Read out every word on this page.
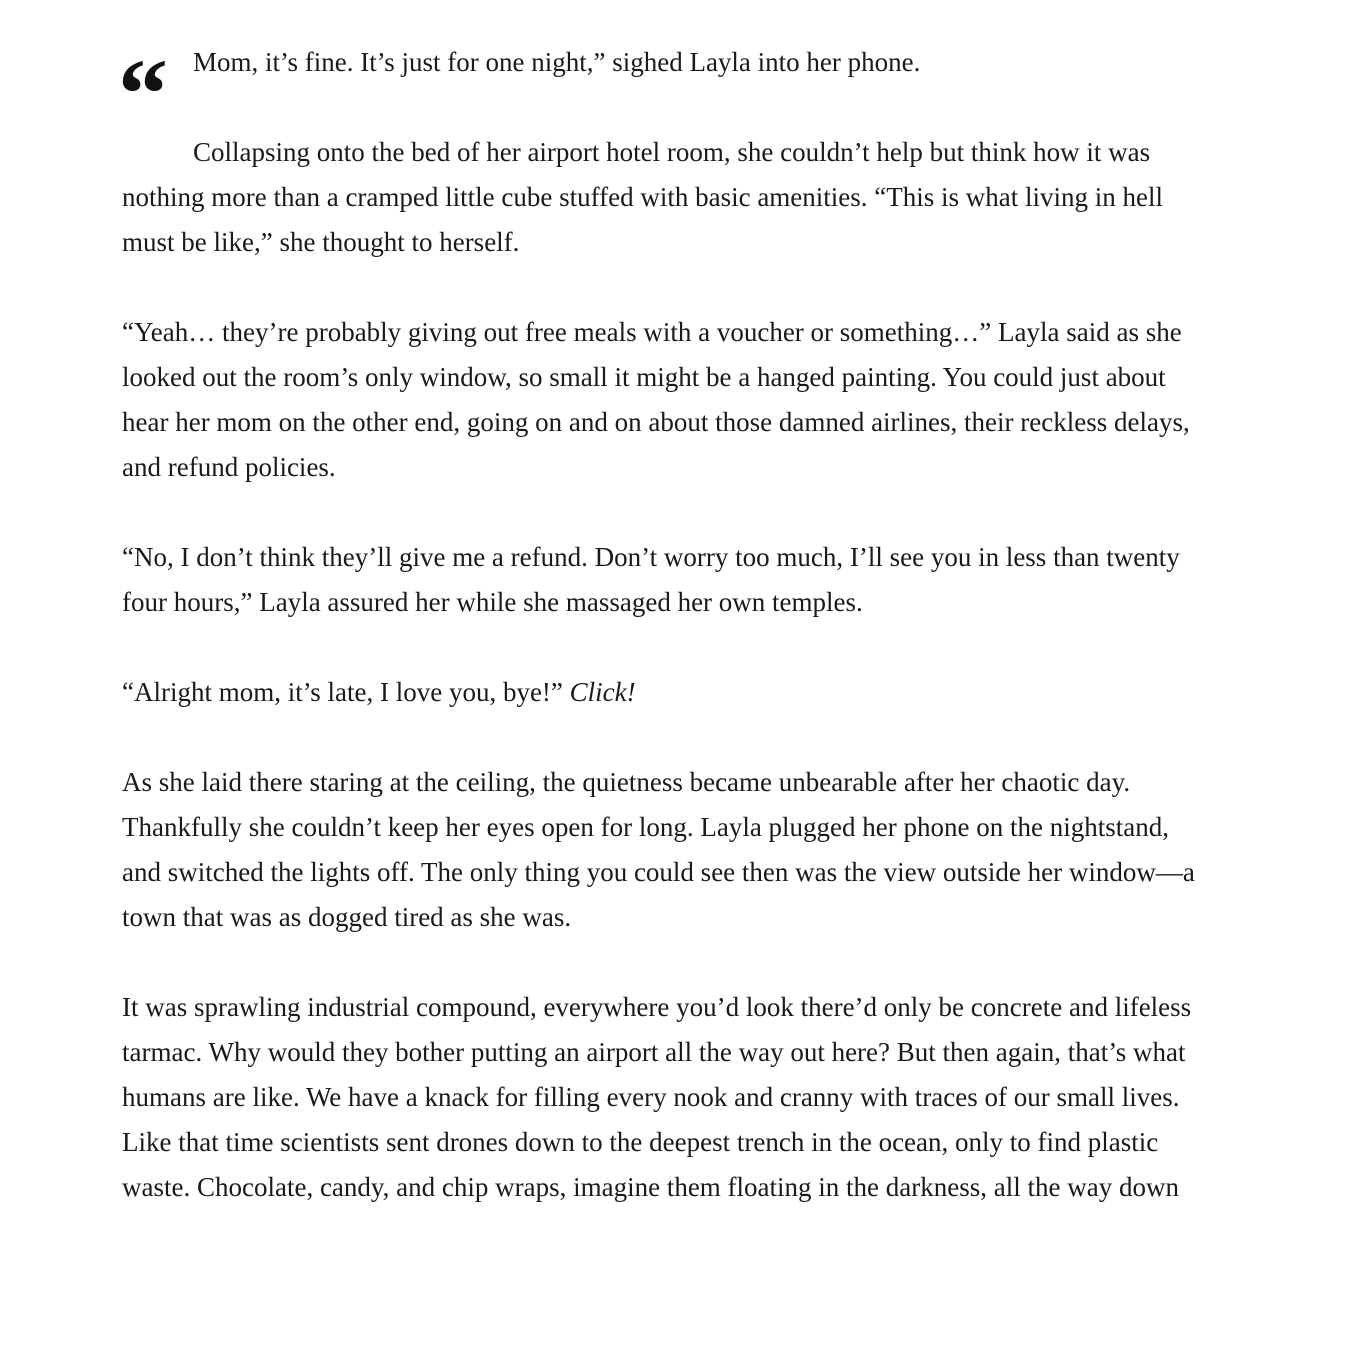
“	Mom, it’s fine. It’s just for one night,” sighed Layla into her phone.
Collapsing onto the bed of her airport hotel room, she couldn’t help but think how it was
nothing more than a cramped little cube stuffed with basic amenities. “This is what living in hell
must be like,” she thought to herself.
“Yeah… they’re probably giving out free meals with a voucher or something…” Layla said as she
looked out the room’s only window, so small it might be a hanged painting. You could just about
hear her mom on the other end, going on and on about those damned airlines, their reckless delays,
and refund policies.
“No, I don’t think they’ll give me a refund. Don’t worry too much, I’ll see you in less than twenty
four hours,” Layla assured her while she massaged her own temples.
“Alright mom, it’s late, I love you, bye!” Click!
As she laid there staring at the ceiling, the quietness became unbearable after her chaotic day.
Thankfully she couldn’t keep her eyes open for long. Layla plugged her phone on the nightstand,
and switched the lights off. The only thing you could see then was the view outside her window—a
town that was as dogged tired as she was.
It was sprawling industrial compound, everywhere you’d look there’d only be concrete and lifeless
tarmac. Why would they bother putting an airport all the way out here? But then again, that’s what
humans are like. We have a knack for filling every nook and cranny with traces of our small lives.
Like that time scientists sent drones down to the deepest trench in the ocean, only to find plastic
waste. Chocolate, candy, and chip wraps, imagine them floating in the darkness, all the way down
